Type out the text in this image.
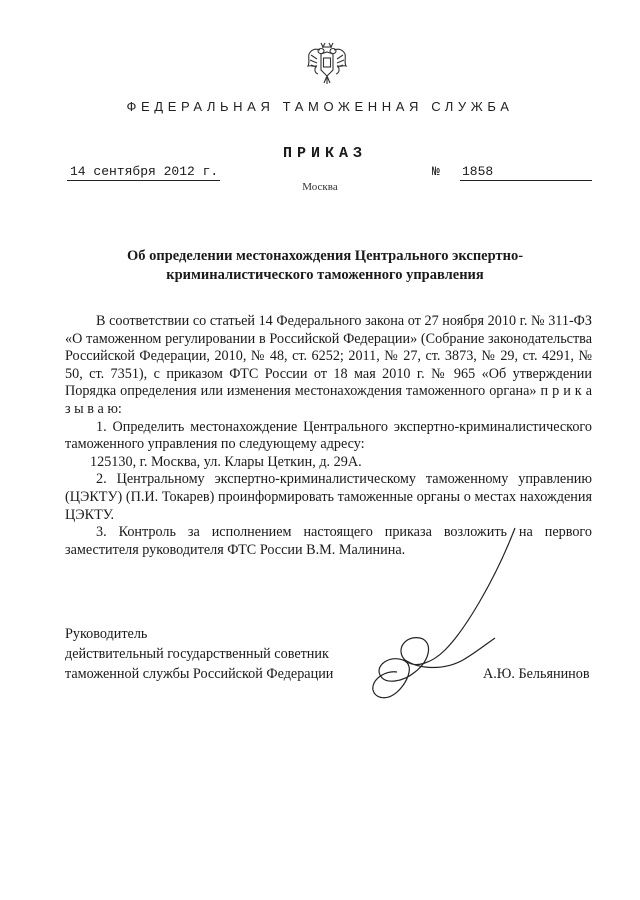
ФЕДЕРАЛЬНАЯ ТАМОЖЕННАЯ СЛУЖБА
ПРИКАЗ
14 сентября 2012 г.	№ 1858
Москва
Об определении местонахождения Центрального экспертно-
криминалистического таможенного управления

В соответствии со статьей 14 Федерального закона от 27 ноября 2010 г. № 311-ФЗ «О таможенном регулировании в Российской Федерации» (Собрание законодательства Российской Федерации, 2010, № 48, ст. 6252; 2011, № 27, ст. 3873, № 29, ст. 4291, № 50, ст. 7351), с приказом ФТС России от 18 мая 2010 г. № 965 «Об утверждении Порядка определения или изменения местонахождения таможенного органа» п р и к а з ы в а ю:

1. Определить местонахождение Центрального экспертно-криминалистического таможенного управления по следующему адресу:

125130, г. Москва, ул. Клары Цеткин, д. 29А.

2. Центральному экспертно-криминалистическому таможенному управлению (ЦЭКТУ) (П.И. Токарев) проинформировать таможенные органы о местах нахождения ЦЭКТУ.

3. Контроль за исполнением настоящего приказа возложить на первого заместителя руководителя ФТС России В.М. Малинина.

Руководитель
действительный государственный советник
таможенной службы Российской Федерации	А.Ю. Бельянинов
